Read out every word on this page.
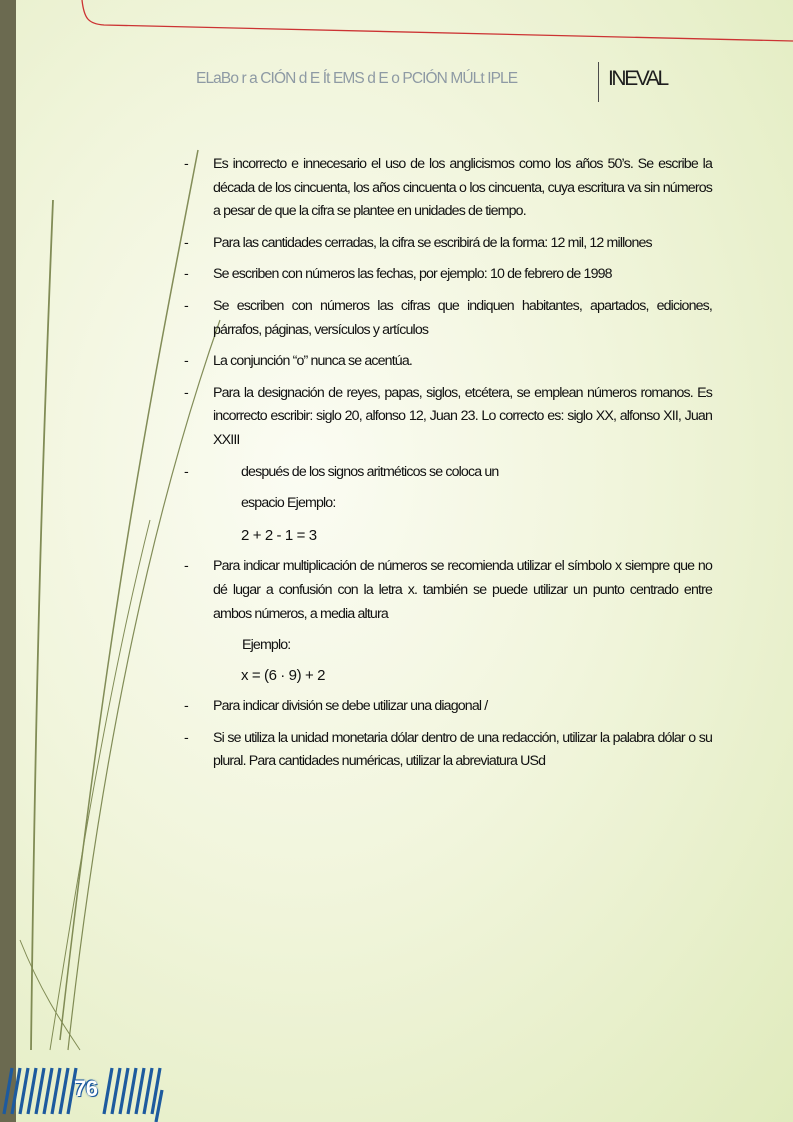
ELaBo r a CIÓN d E Ít EMS d E o PCIÓN MÚLt IPLE	INEVAL
- Es incorrecto e innecesario el uso de los anglicismos como los años 50’s. Se escribe la década de los cincuenta, los años cincuenta o los cincuenta, cuya escritura va sin números a pesar de que la cifra se plantee en unidades de tiempo.
- Para las cantidades cerradas, la cifra se escribirá de la forma: 12 mil, 12 millones
- Se escriben con números las fechas, por ejemplo: 10 de febrero de 1998
- Se escriben con números las cifras que indiquen habitantes, apartados, ediciones, párrafos, páginas, versículos y artículos
- La conjunción “o” nunca se acentúa.
- Para la designación de reyes, papas, siglos, etcétera, se emplean números romanos. Es incorrecto escribir: siglo 20, alfonso 12, Juan 23. Lo correcto es: siglo XX, alfonso XII, Juan XXIII
-	después de los signos aritméticos se coloca un
espacio Ejemplo:
2 + 2 - 1 = 3
- Para indicar multiplicación de números se recomienda utilizar el símbolo x siempre que no dé lugar a confusión con la letra x. también se puede utilizar un punto centrado entre ambos números, a media altura
Ejemplo:
x = (6 · 9) + 2
- Para indicar división se debe utilizar una diagonal /
- Si se utiliza la unidad monetaria dólar dentro de una redacción, utilizar la palabra dólar o su plural. Para cantidades numéricas, utilizar la abreviatura USd
76
